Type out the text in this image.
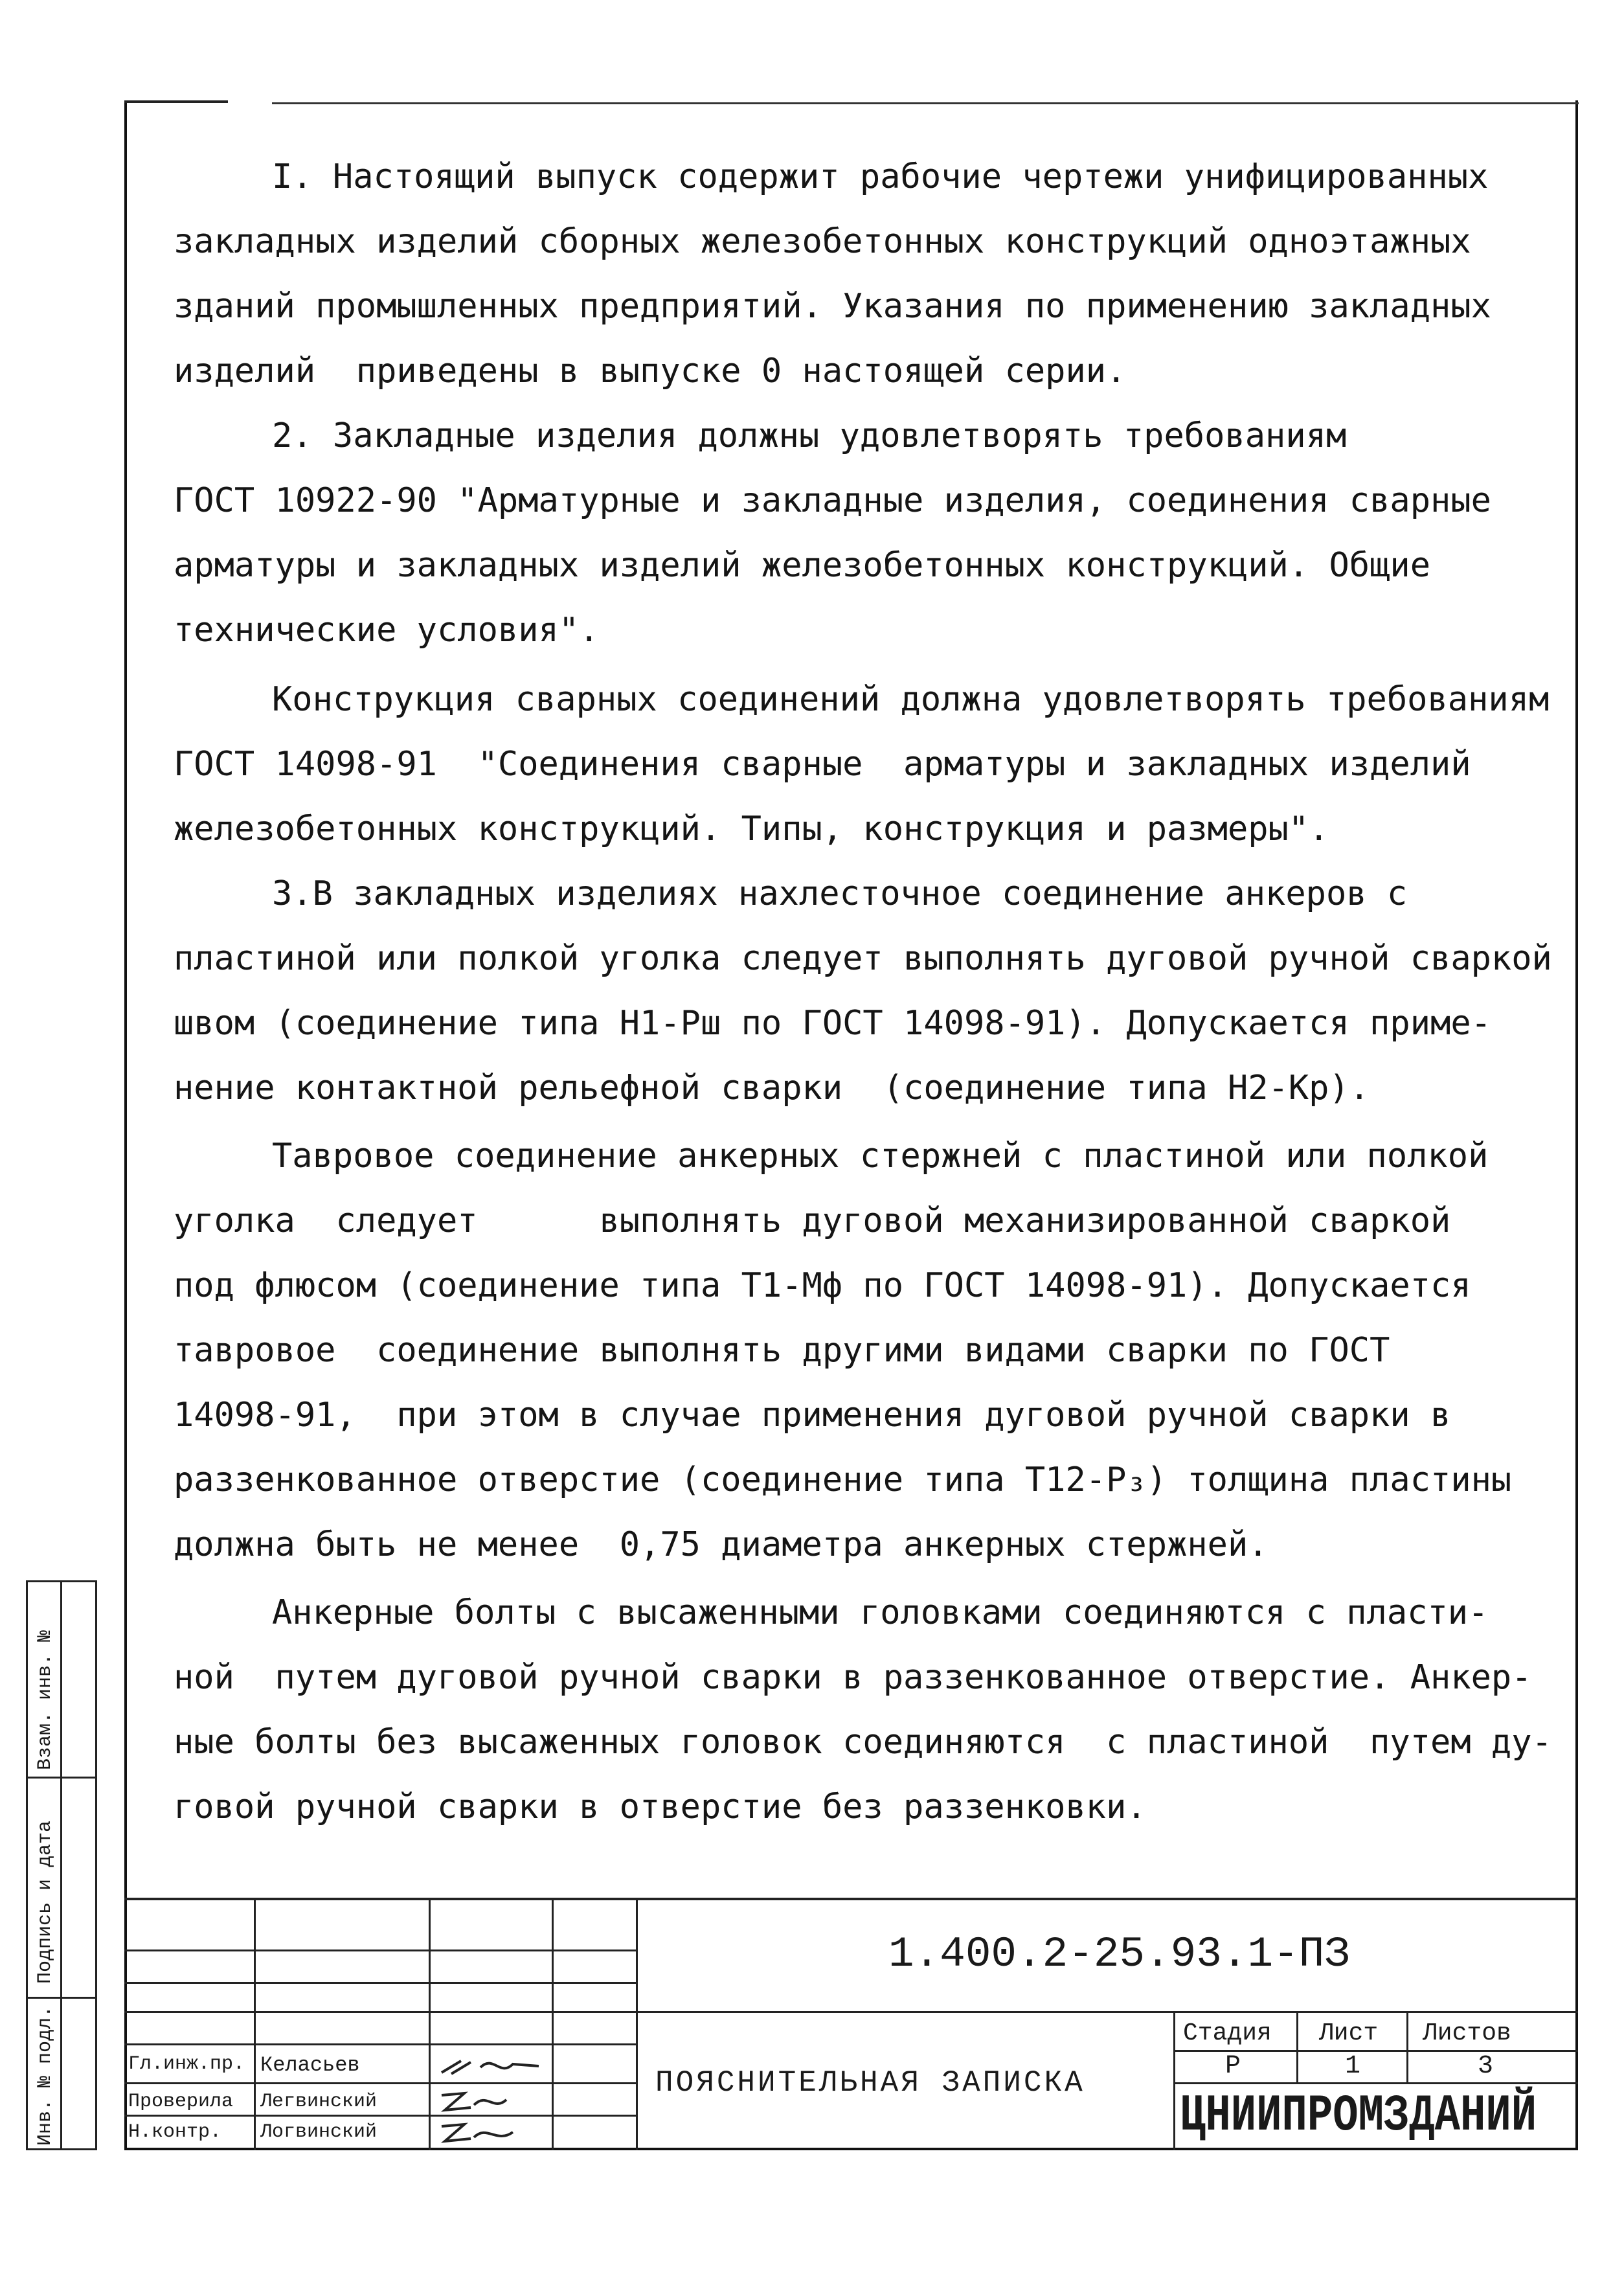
I. Настоящий выпуск содержит рабочие чертежи унифицированных
закладных изделий сборных железобетонных конструкций одноэтажных
зданий промышленных предприятий. Указания по применению закладных
изделий  приведены в выпуске 0 настоящей серии.
2. Закладные изделия должны удовлетворять требованиям
ГОСТ 10922-90 "Арматурные и закладные изделия, соединения сварные
арматуры и закладных изделий железобетонных конструкций. Общие
технические условия".
Конструкция сварных соединений должна удовлетворять требованиям
ГОСТ 14098-91  "Соединения сварные  арматуры и закладных изделий
железобетонных конструкций. Типы, конструкция и размеры".
3.В закладных изделиях нахлесточное соединение анкеров с
пластиной или полкой уголка следует выполнять дуговой ручной сваркой
швом (соединение типа Н1-Рш по ГОСТ 14098-91). Допускается приме-
нение контактной рельефной сварки  (соединение типа Н2-Кр).
Тавровое соединение анкерных стержней с пластиной или полкой
уголка  следует      выполнять дуговой механизированной сваркой
под флюсом (соединение типа Т1-Мф по ГОСТ 14098-91). Допускается
тавровое  соединение выполнять другими видами сварки по ГОСТ
14098-91,  при этом в случае применения дуговой ручной сварки в
раззенкованное отверстие (соединение типа Т12-Р₃) толщина пластины
должна быть не менее  0,75 диаметра анкерных стержней.
Анкерные болты с высаженными головками соединяются с пласти-
ной  путем дуговой ручной сварки в раззенкованное отверстие. Анкер-
ные болты без высаженных головок соединяются  с пластиной  путем ду-
говой ручной сварки в отверстие без раззенковки.
1.400.2-25.93.1-ПЗ
ПОЯСНИТЕЛЬНАЯ ЗАПИСКА
Стадия Лист Листов
Р	1	3
ЦНИИПРОМЗДАНИЙ
Гл.инж.пр. Келасьев
Проверила Легвинский
Н.контр. Логвинский
Инв. № подл.
Подпись и дата
Взам. инв. №
